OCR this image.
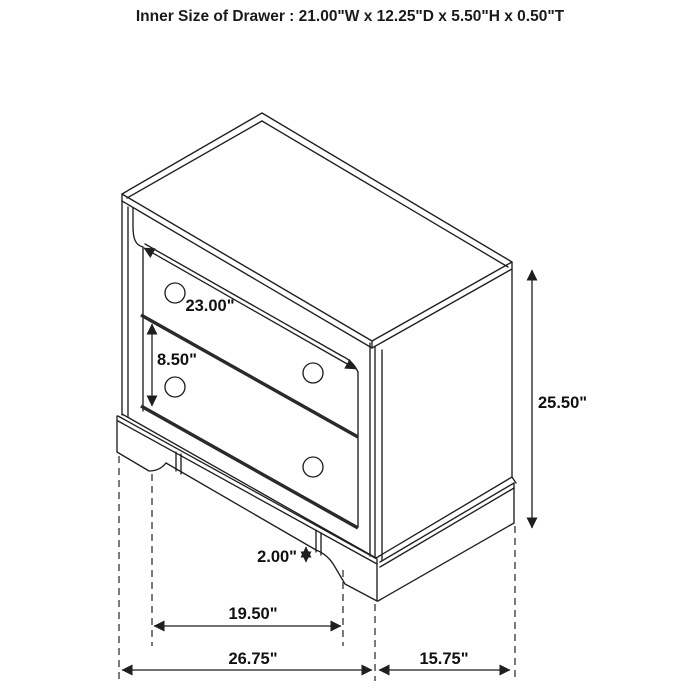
Inner Size of Drawer : 21.00"W x 12.25"D x 5.50"H x 0.50"T
23.00"
8.50"
25.50"
2.00"
19.50"
26.75"	15.75"
